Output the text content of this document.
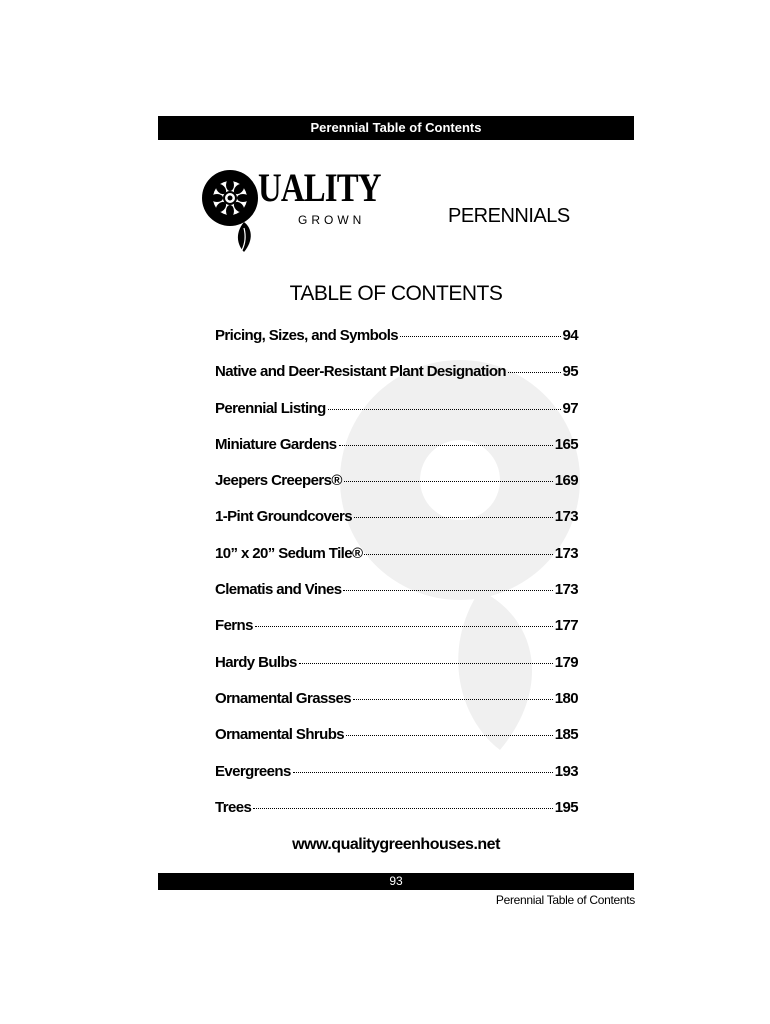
Perennial Table of Contents
UALITY
TM	GROWN	PERENNIALS
TABLE OF CONTENTS
Pricing, Sizes, and Symbols	94
Native and Deer-Resistant Plant Designation	95
Perennial Listing	97
Miniature Gardens	165
Jeepers Creepers®	169
1-Pint Groundcovers	173
10” x 20” Sedum Tile®	173
Clematis and Vines	173
Ferns	177
Hardy Bulbs	179
Ornamental Grasses	180
Ornamental Shrubs	185
Evergreens	193
Trees	195
www.qualitygreenhouses.net
93
Perennial Table of Contents
